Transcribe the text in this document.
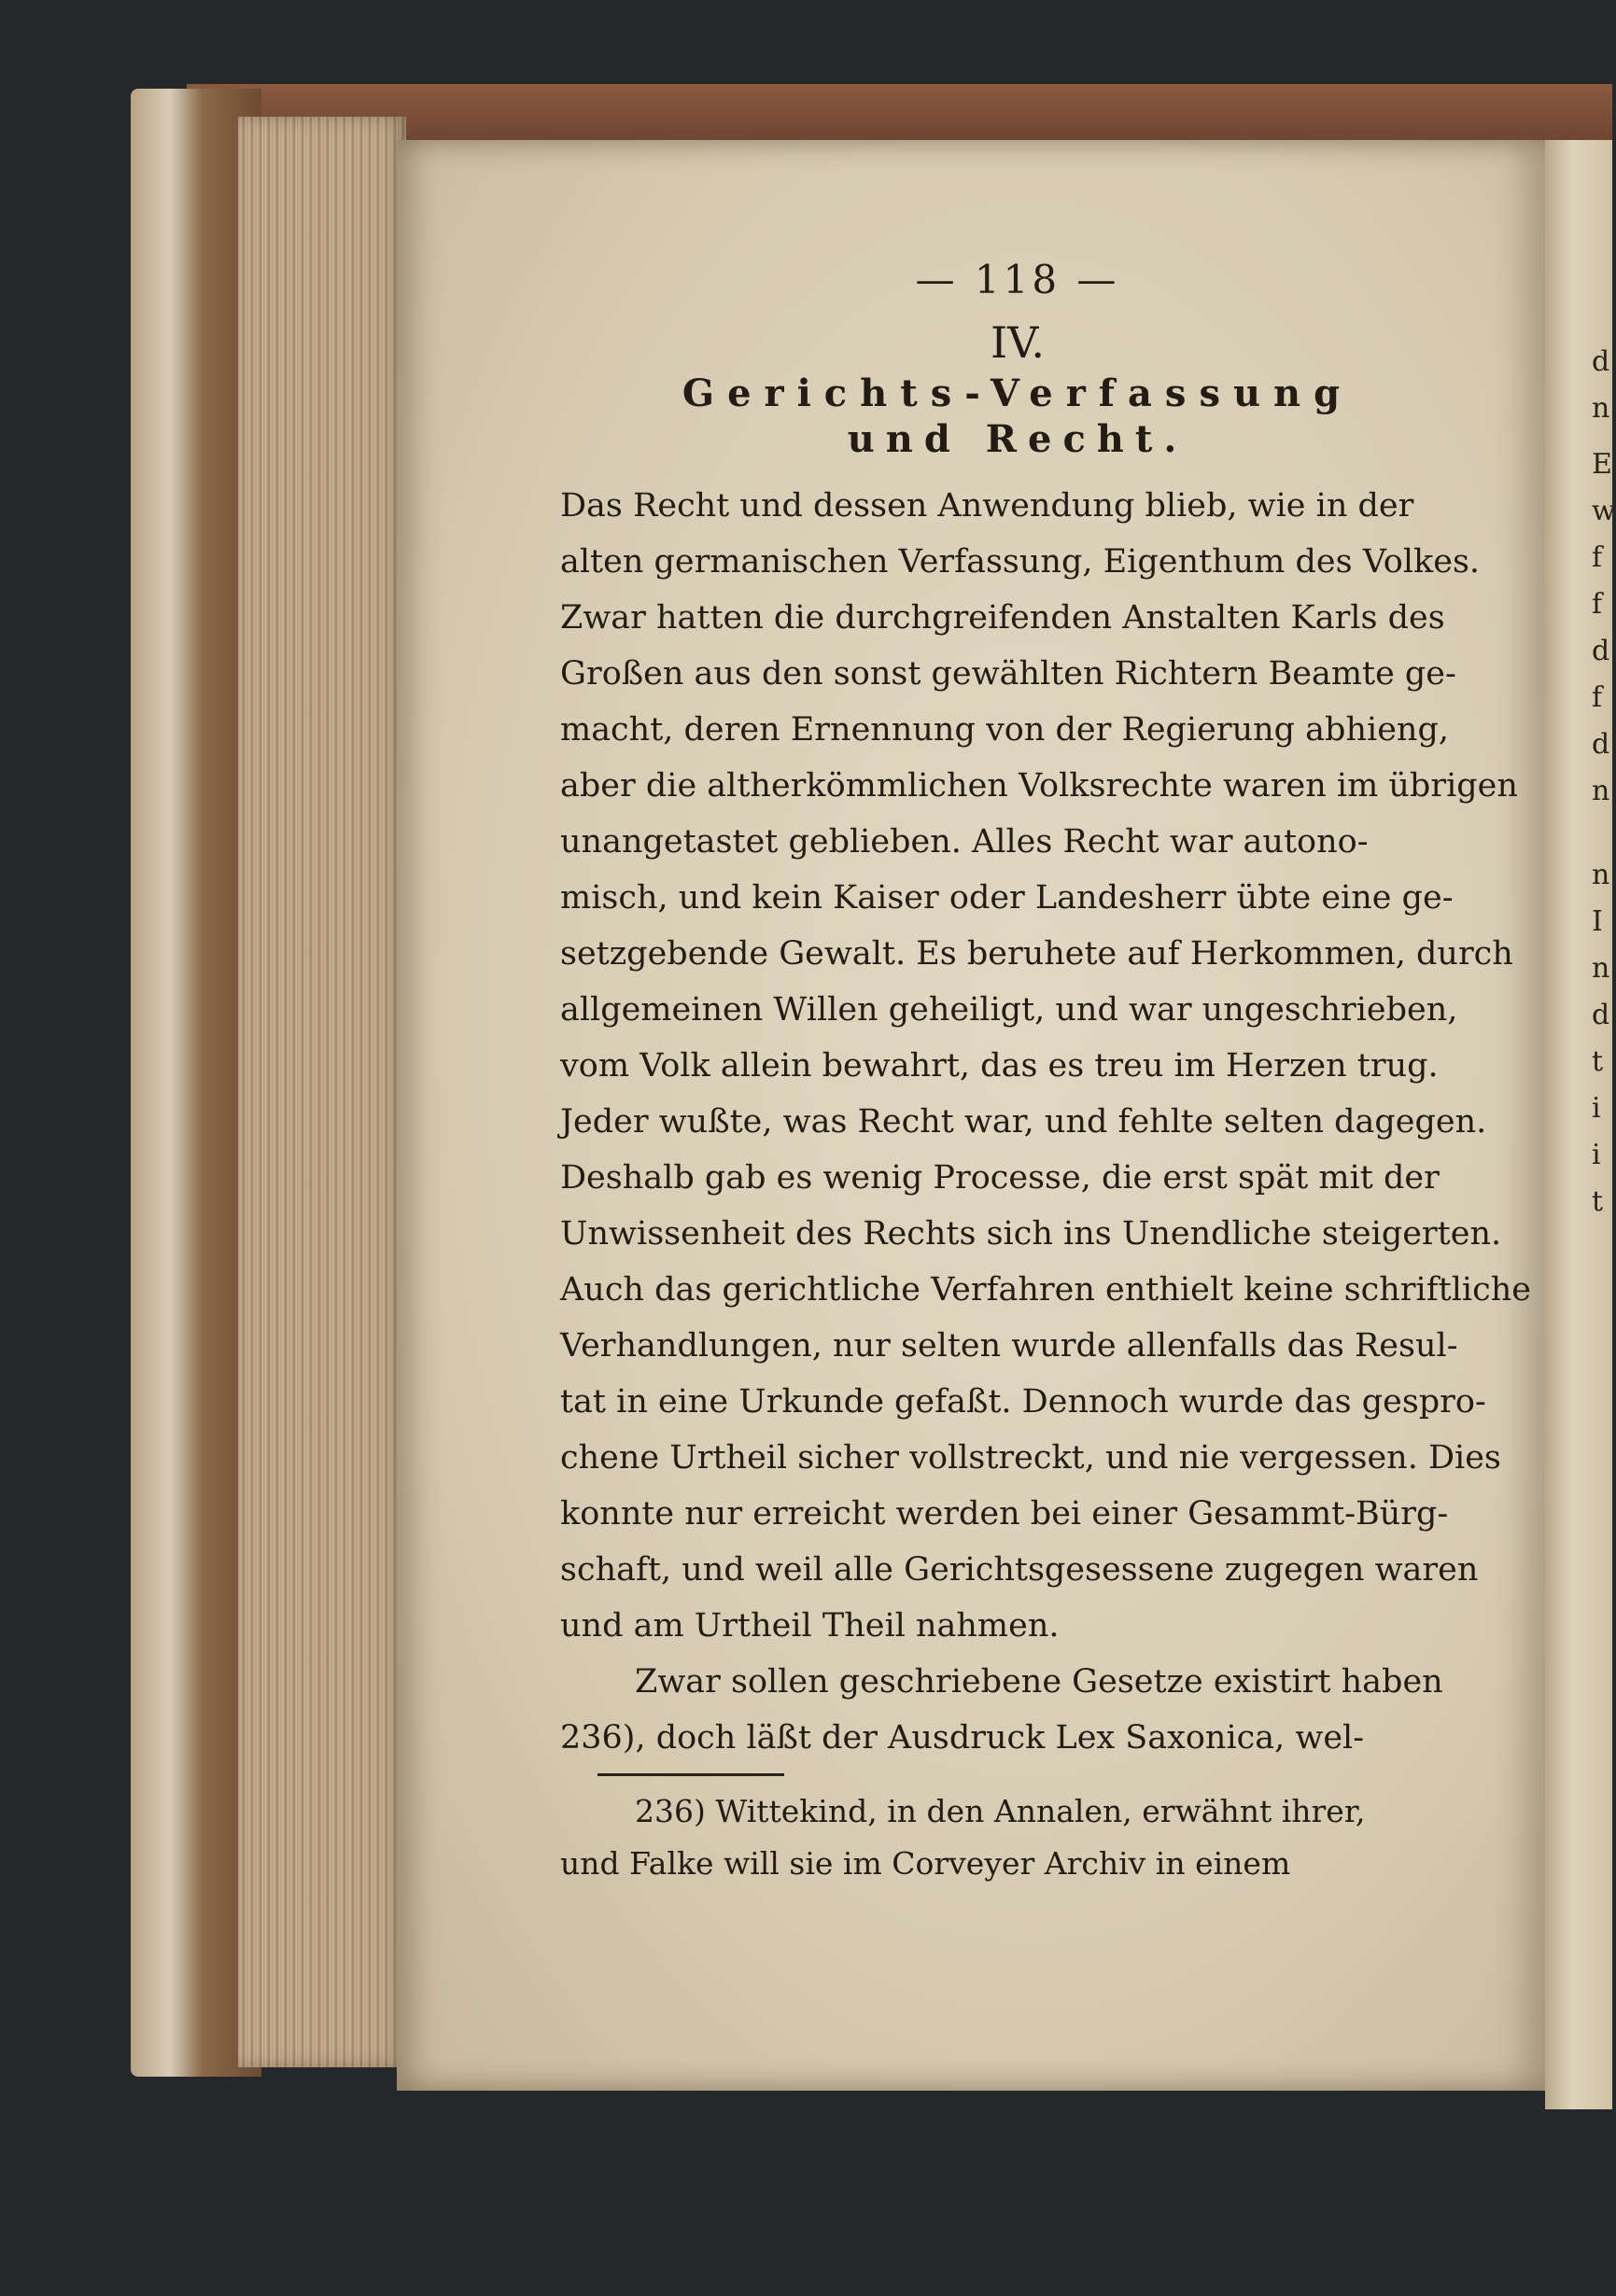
d
n
E
w
f
f
d
f
d
n
n
I
n
d
t
i
i
t
— 118 —
IV.
Gerichts-Verfassung
und Recht.
Das Recht und dessen Anwendung blieb, wie in der
alten germanischen Verfassung, Eigenthum des Volkes.
Zwar hatten die durchgreifenden Anstalten Karls des
Großen aus den sonst gewählten Richtern Beamte ge-
macht, deren Ernennung von der Regierung abhieng,
aber die altherkömmlichen Volksrechte waren im übrigen
unangetastet geblieben. Alles Recht war autono-
misch, und kein Kaiser oder Landesherr übte eine ge-
setzgebende Gewalt. Es beruhete auf Herkommen, durch
allgemeinen Willen geheiligt, und war ungeschrieben,
vom Volk allein bewahrt, das es treu im Herzen trug.
Jeder wußte, was Recht war, und fehlte selten dagegen.
Deshalb gab es wenig Processe, die erst spät mit der
Unwissenheit des Rechts sich ins Unendliche steigerten.
Auch das gerichtliche Verfahren enthielt keine schriftliche
Verhandlungen, nur selten wurde allenfalls das Resul-
tat in eine Urkunde gefaßt. Dennoch wurde das gespro-
chene Urtheil sicher vollstreckt, und nie vergessen. Dies
konnte nur erreicht werden bei einer Gesammt-Bürg-
schaft, und weil alle Gerichtsgesessene zugegen waren
und am Urtheil Theil nahmen.
Zwar sollen geschriebene Gesetze existirt haben
236), doch läßt der Ausdruck Lex Saxonica, wel-
236) Wittekind, in den Annalen, erwähnt ihrer,
und Falke will sie im Corveyer Archiv in einem
